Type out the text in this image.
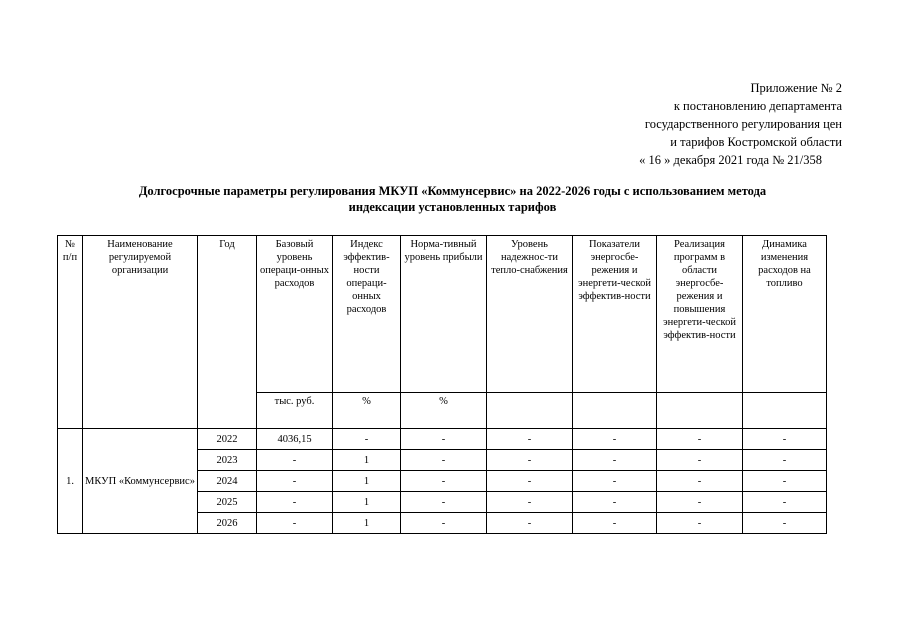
Приложение № 2
к постановлению департамента
государственного регулирования цен
и тарифов Костромской области
« 16 » декабря 2021 года № 21/358
Долгосрочные параметры регулирования МКУП «Коммунсервис» на 2022-2026 годы с использованием метода
индексации установленных тарифов
№ п/п	Наименование регулируемой организации	Год	Базовый уровень операци-онных расходов	Индекс эффектив-ности операци-онных расходов	Норма-тивный уровень прибыли	Уровень надежнос-ти тепло-снабжения	Показатели энергосбе-режения и энергети-ческой эффектив-ности	Реализация программ в области энергосбе-режения и повышения энергети-ческой эффектив-ности	Динамика изменения расходов на топливо
			тыс. руб.	%	%				
1.	МКУП «Коммунсервис»	2022	4036,15	-	-	-	-	-	-
		2023	-	1	-	-	-	-	-
		2024	-	1	-	-	-	-	-
		2025	-	1	-	-	-	-	-
		2026	-	1	-	-	-	-	-
